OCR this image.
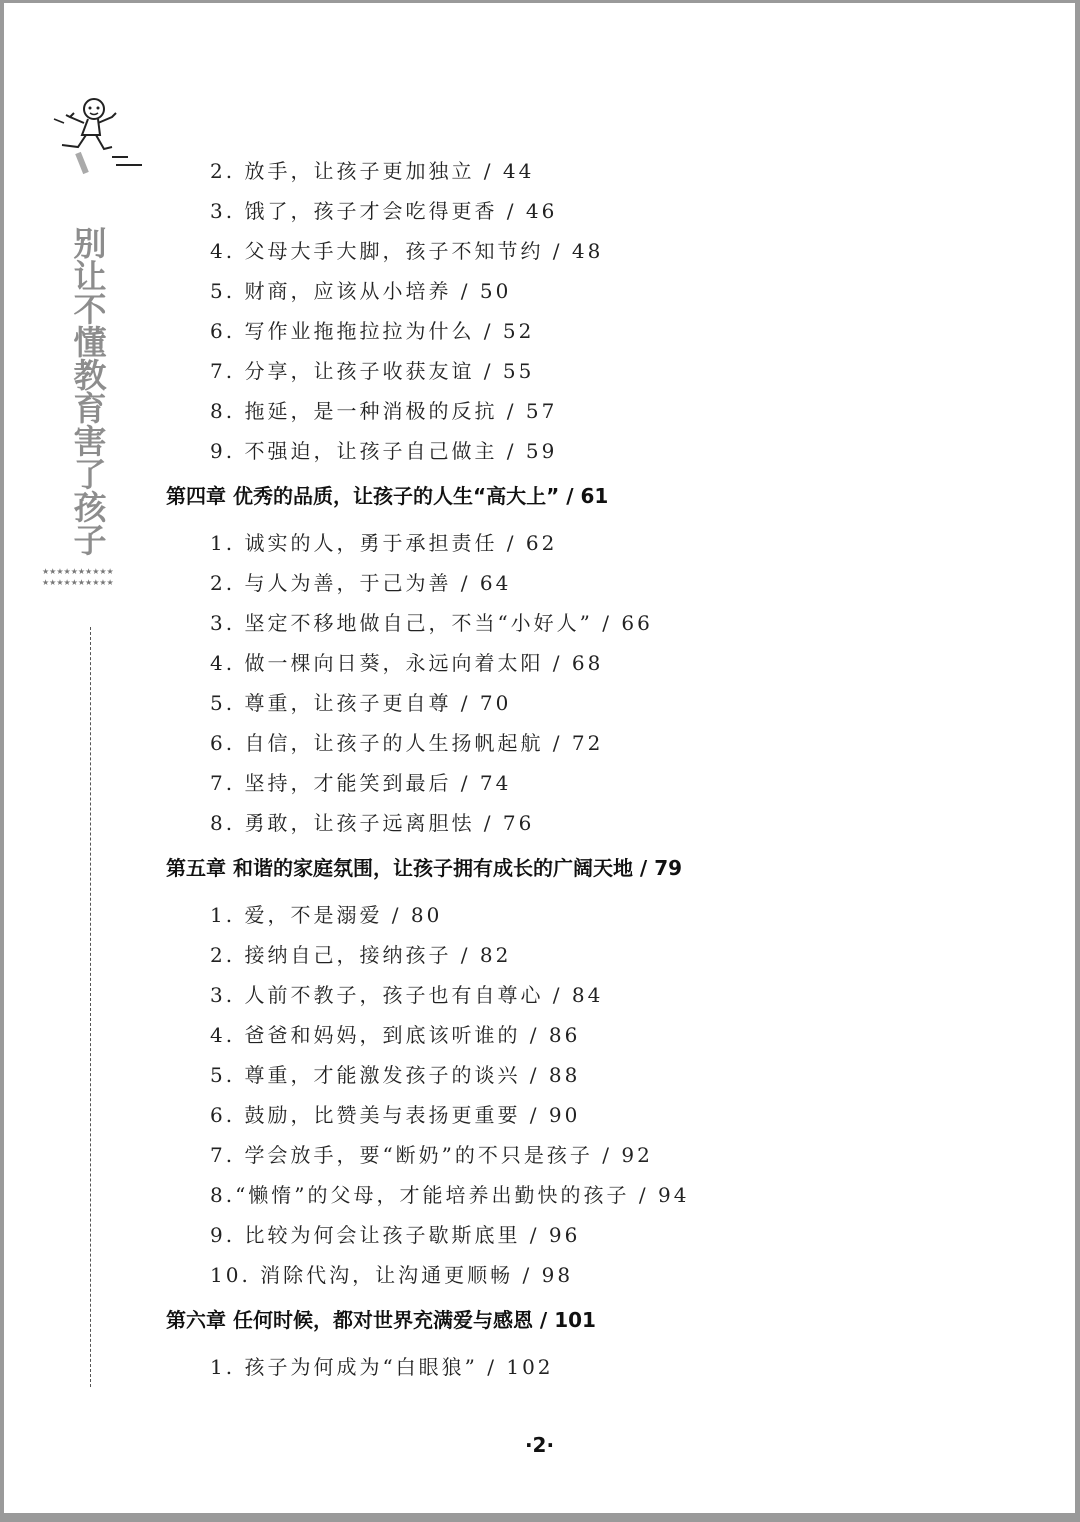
别让不懂教育害了孩子
★★★★★★★★★★
★★★★★★★★★★
2. 放手，让孩子更加独立 / 44
3. 饿了，孩子才会吃得更香 / 46
4. 父母大手大脚，孩子不知节约 / 48
5. 财商，应该从小培养 / 50
6. 写作业拖拖拉拉为什么 / 52
7. 分享，让孩子收获友谊 / 55
8. 拖延，是一种消极的反抗 / 57
9. 不强迫，让孩子自己做主 / 59
第四章 优秀的品质，让孩子的人生“高大上” / 61
1. 诚实的人，勇于承担责任 / 62
2. 与人为善，于己为善 / 64
3. 坚定不移地做自己，不当“小好人” / 66
4. 做一棵向日葵，永远向着太阳 / 68
5. 尊重，让孩子更自尊 / 70
6. 自信，让孩子的人生扬帆起航 / 72
7. 坚持，才能笑到最后 / 74
8. 勇敢，让孩子远离胆怯 / 76
第五章 和谐的家庭氛围，让孩子拥有成长的广阔天地 / 79
1. 爱，不是溺爱 / 80
2. 接纳自己，接纳孩子 / 82
3. 人前不教子，孩子也有自尊心 / 84
4. 爸爸和妈妈，到底该听谁的 / 86
5. 尊重，才能激发孩子的谈兴 / 88
6. 鼓励，比赞美与表扬更重要 / 90
7. 学会放手，要“断奶”的不只是孩子 / 92
8.“懒惰”的父母，才能培养出勤快的孩子 / 94
9. 比较为何会让孩子歇斯底里 / 96
10. 消除代沟，让沟通更顺畅 / 98
第六章 任何时候，都对世界充满爱与感恩 / 101
1. 孩子为何成为“白眼狼” / 102
·2·
